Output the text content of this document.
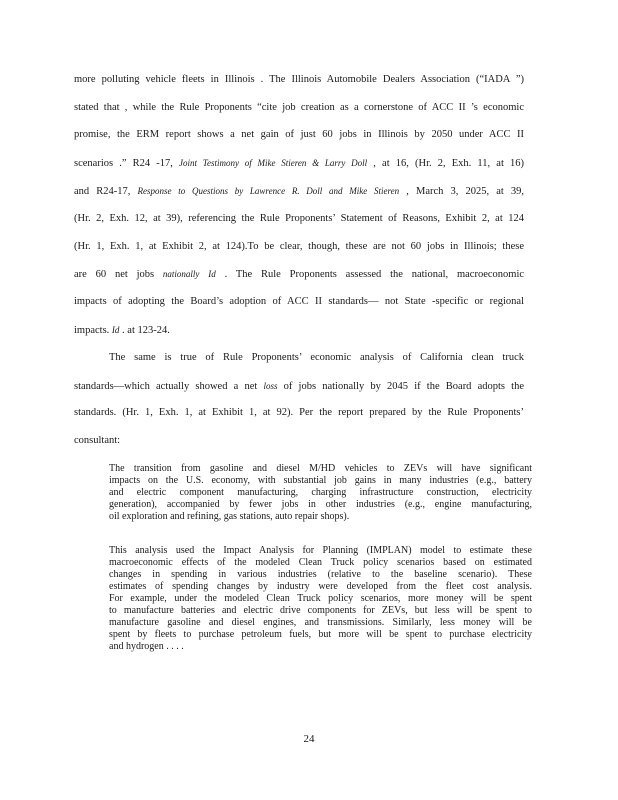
more polluting vehicle fleets in Illinois . The Illinois Automobile Dealers Association (“IADA ”)
stated that , while the Rule Proponents “cite job creation as a cornerstone of ACC II ’s economic
promise, the ERM report shows a net gain of just 60 jobs in Illinois by 2050 under ACC II
scenarios .” R24 -17, Joint Testimony of Mike Stieren & Larry Doll , at 16, (Hr. 2, Exh. 11, at 16)
and R24-17, Response to Questions by Lawrence R. Doll and Mike Stieren , March 3, 2025, at 39,
(Hr. 2, Exh. 12, at 39), referencing the Rule Proponents’ Statement of Reasons, Exhibit 2, at 124
(Hr. 1, Exh. 1, at Exhibit 2, at 124).To be clear, though, these are not 60 jobs in Illinois; these
are 60 net jobs nationally Id . The Rule Proponents assessed the national, macroeconomic
impacts of adopting the Board’s adoption of ACC II standards— not State -specific or regional
impacts. Id . at 123-24.
The same is true of Rule Proponents’ economic analysis of California clean truck
standards—which actually showed a net loss of jobs nationally by 2045 if the Board adopts the
standards. (Hr. 1, Exh. 1, at Exhibit 1, at 92). Per the report prepared by the Rule Proponents’
consultant:
The transition from gasoline and diesel M/HD vehicles to ZEVs will have significant
impacts on the U.S. economy, with substantial job gains in many industries (e.g., battery
and electric component manufacturing, charging infrastructure construction, electricity
generation), accompanied by fewer jobs in other industries (e.g., engine manufacturing,
oil exploration and refining, gas stations, auto repair shops).
This analysis used the Impact Analysis for Planning (IMPLAN) model to estimate these
macroeconomic effects of the modeled Clean Truck policy scenarios based on estimated
changes in spending in various industries (relative to the baseline scenario). These
estimates of spending changes by industry were developed from the fleet cost analysis.
For example, under the modeled Clean Truck policy scenarios, more money will be spent
to manufacture batteries and electric drive components for ZEVs, but less will be spent to
manufacture gasoline and diesel engines, and transmissions. Similarly, less money will be
spent by fleets to purchase petroleum fuels, but more will be spent to purchase electricity
and hydrogen . . . .
24
